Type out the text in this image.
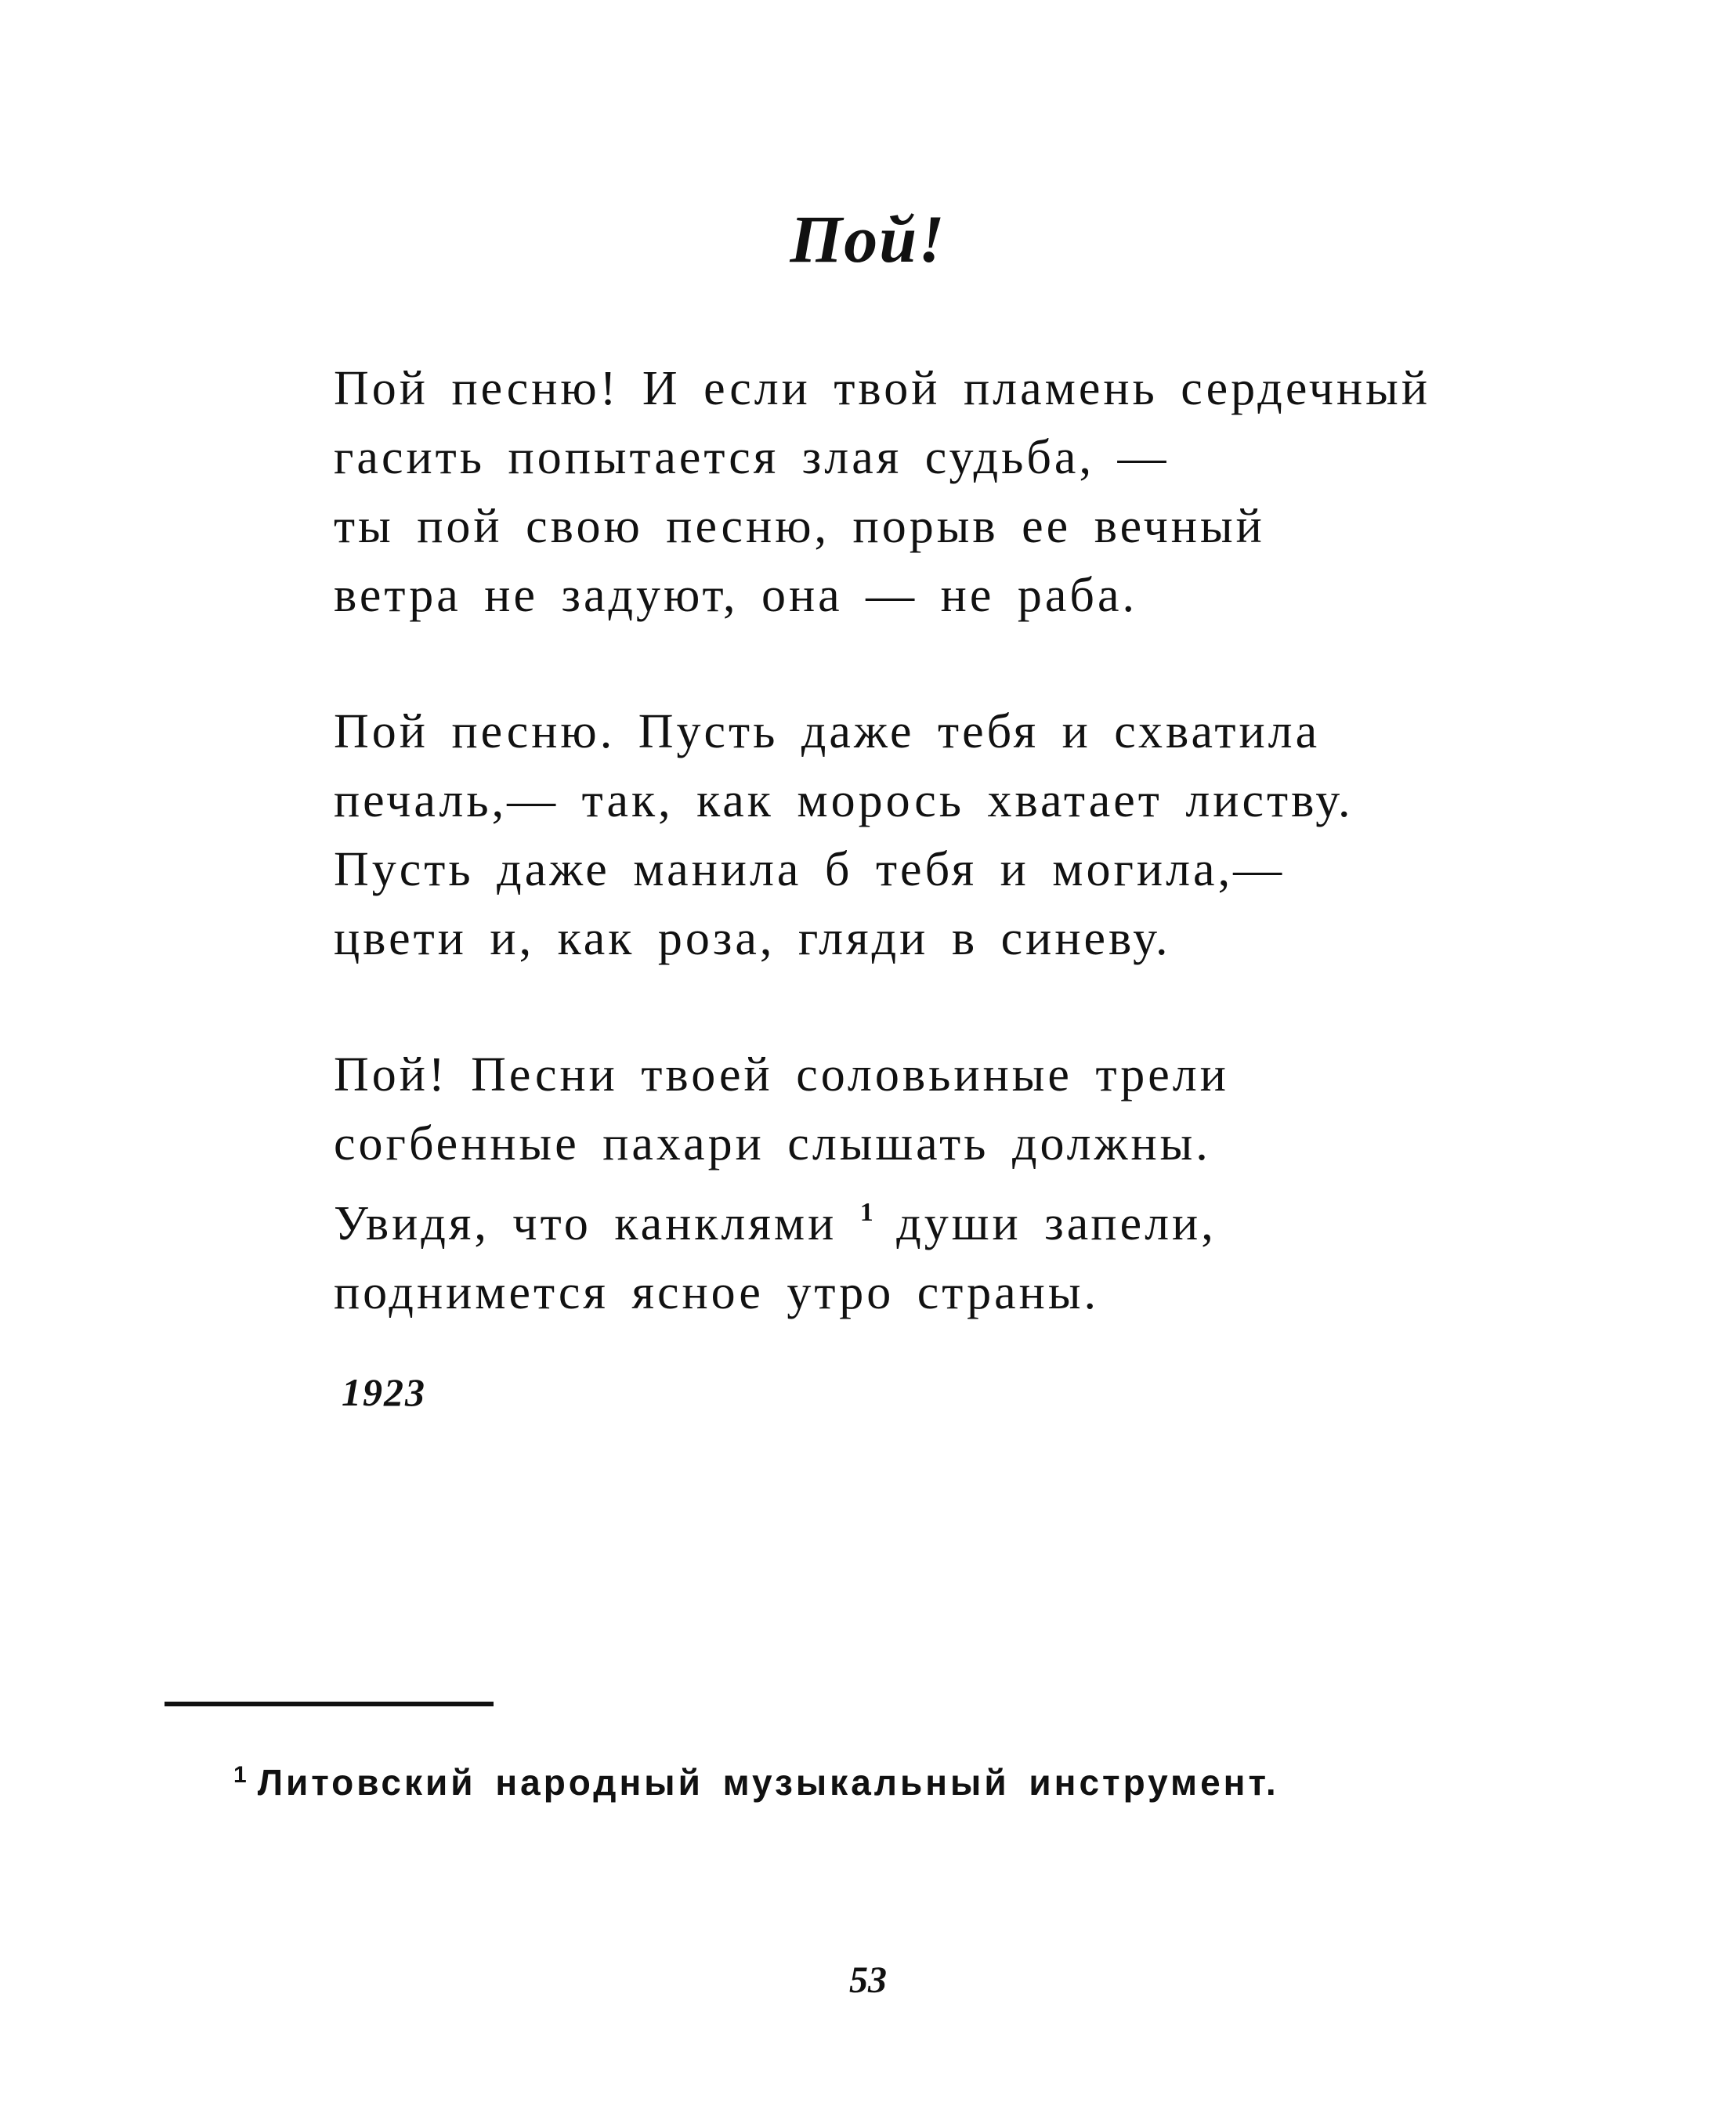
Пой!
Пой песню! И если твой пламень сердечный
гасить попытается злая судьба, —
ты пой свою песню, порыв ее вечный
ветра не задуют, она — не раба.
Пой песню. Пусть даже тебя и схватила
печаль,— так, как морось хватает листву.
Пусть даже манила б тебя и могила,—
цвети и, как роза, гляди в синеву.
Пой! Песни твоей соловьиные трели
согбенные пахари слышать должны.
Увидя, что канклями $^1$ души запели,
поднимется ясное утро страны.
1923
$^1$ Литовский народный музыкальный инструмент.
53
